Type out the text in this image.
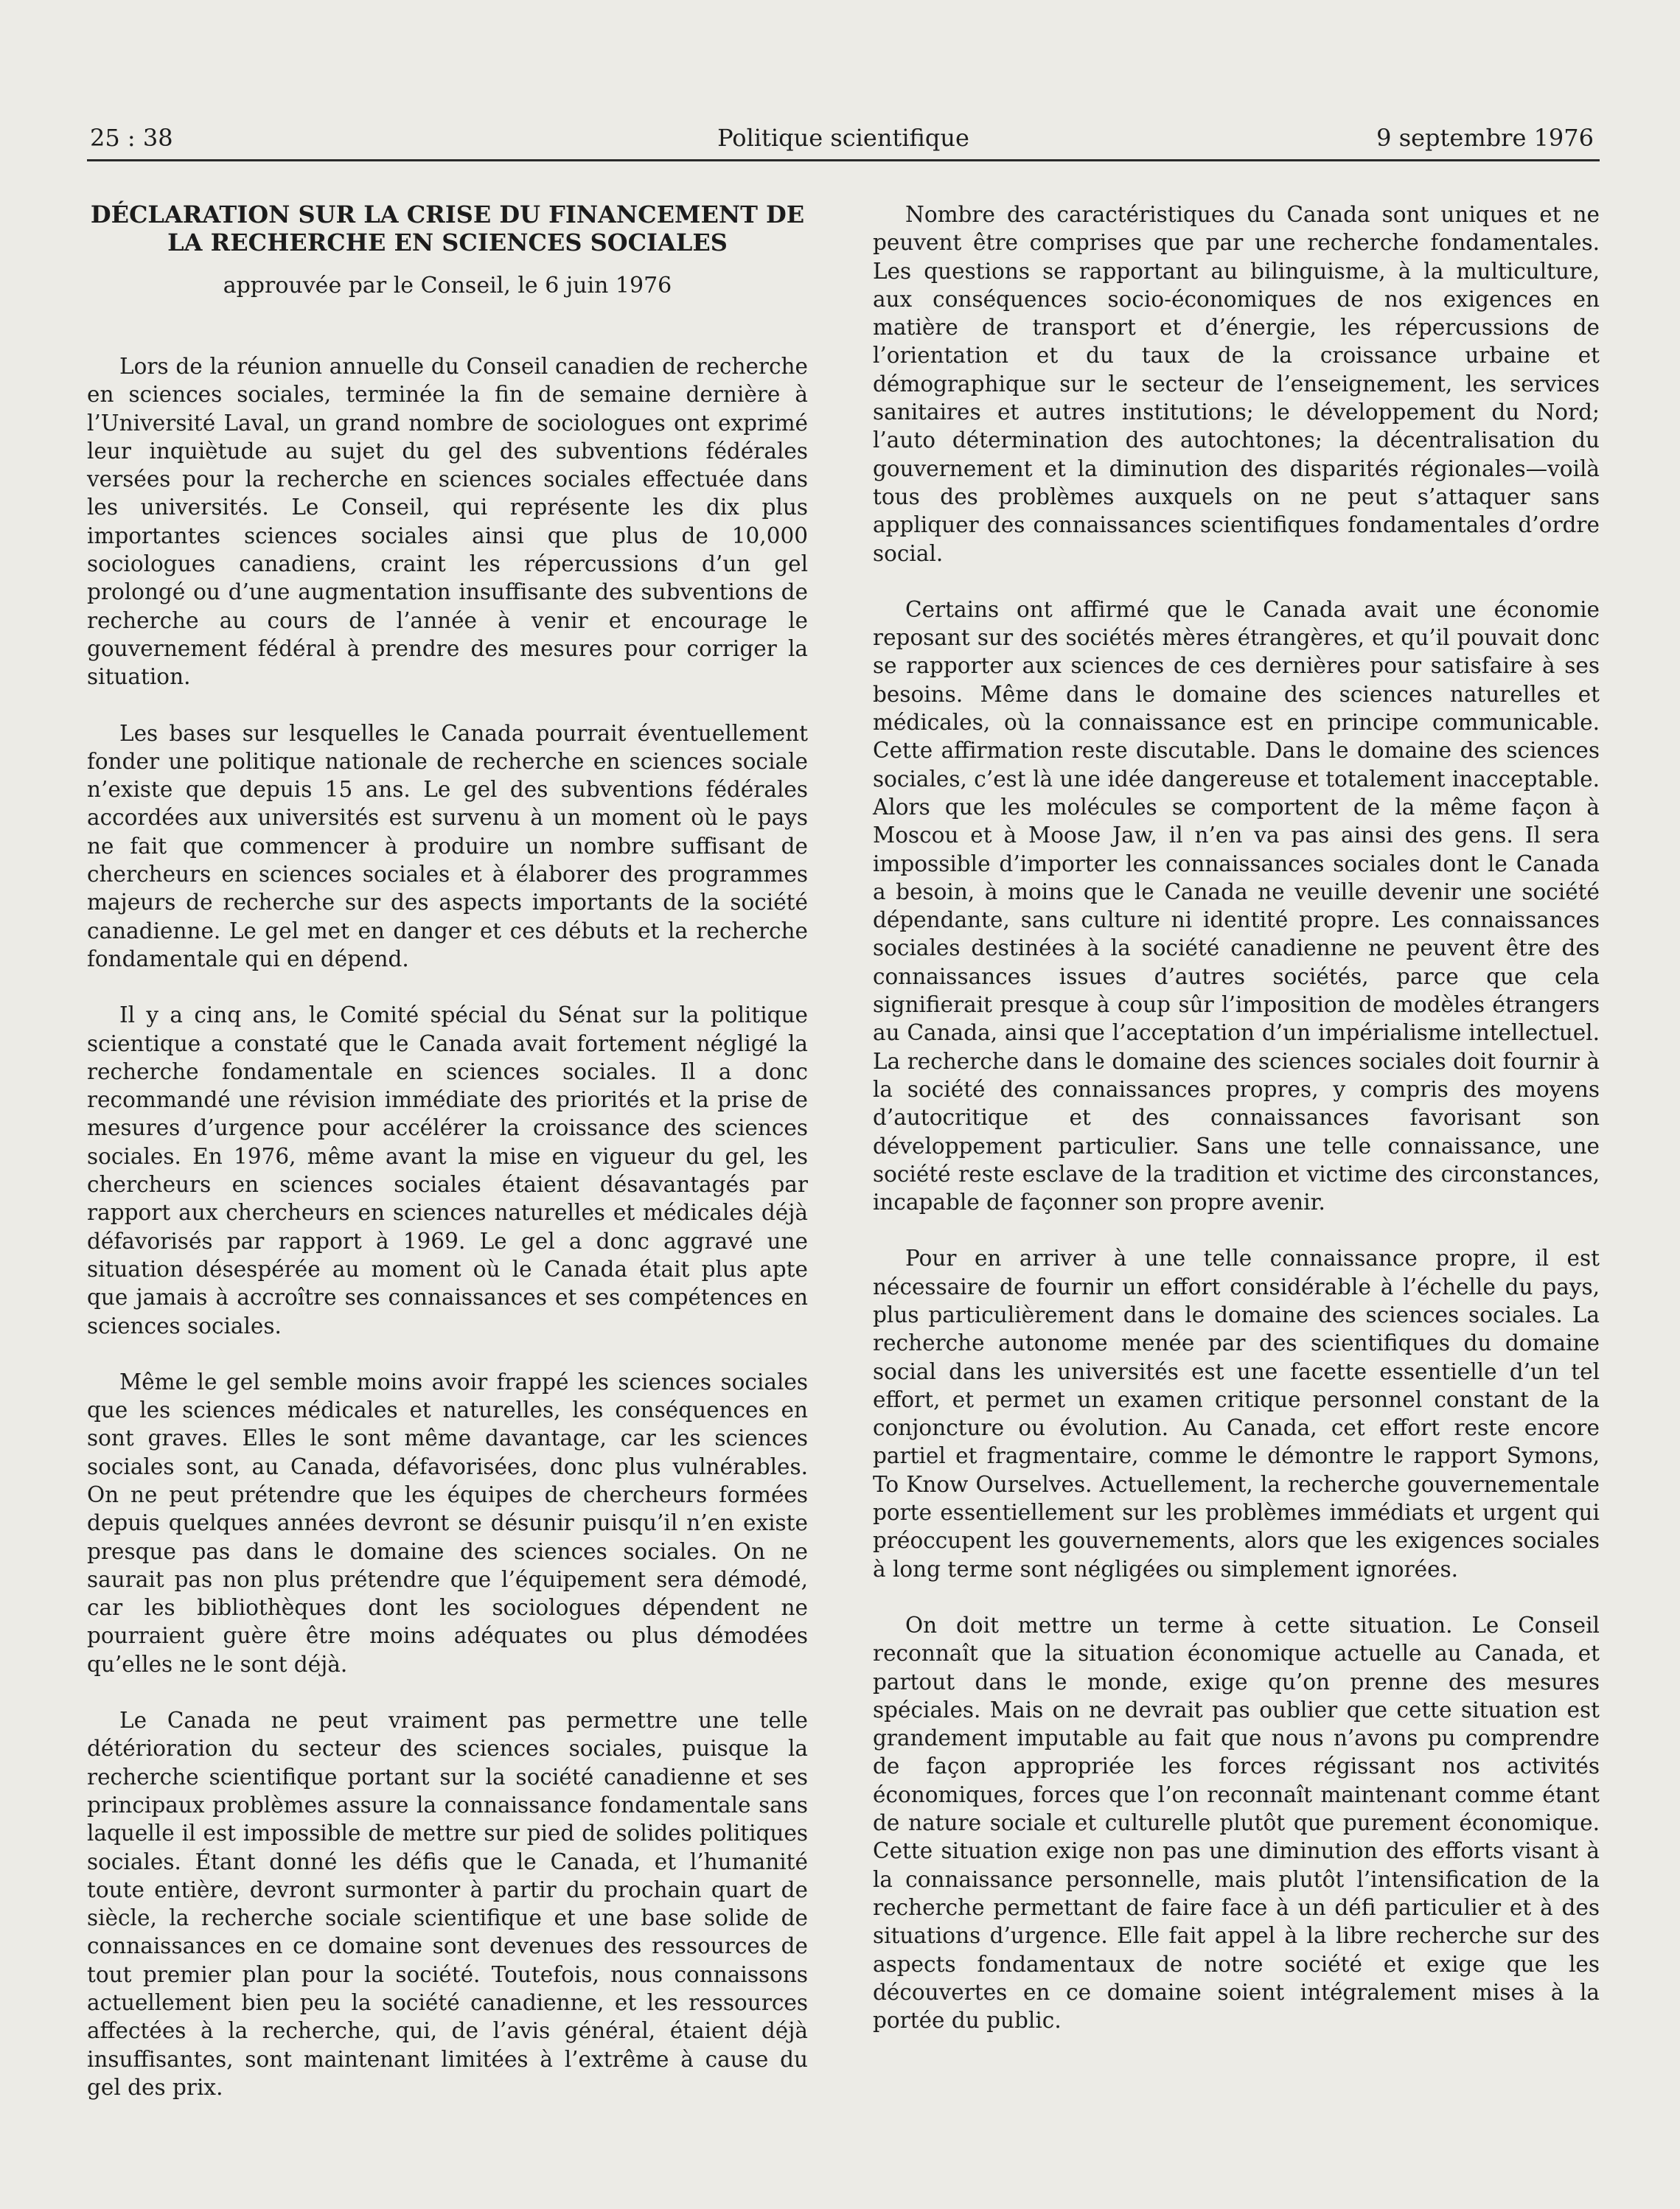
25 : 38	Politique scientifique	9 septembre 1976
DÉCLARATION SUR LA CRISE DU FINANCEMENT DE
LA RECHERCHE EN SCIENCES SOCIALES
approuvée par le Conseil, le 6 juin 1976

Lors de la réunion annuelle du Conseil canadien de recherche en sciences sociales, terminée la fin de semaine dernière à l’Université Laval, un grand nombre de sociologues ont exprimé leur inquiètude au sujet du gel des subventions fédérales versées pour la recherche en sciences sociales effectuée dans les universités. Le Conseil, qui représente les dix plus importantes sciences sociales ainsi que plus de 10,000 sociologues canadiens, craint les répercussions d’un gel prolongé ou d’une augmentation insuffisante des subventions de recherche au cours de l’année à venir et encourage le gouvernement fédéral à prendre des mesures pour corriger la situation.

Les bases sur lesquelles le Canada pourrait éventuellement fonder une politique nationale de recherche en sciences sociale n’existe que depuis 15 ans. Le gel des subventions fédérales accordées aux universités est survenu à un moment où le pays ne fait que commencer à produire un nombre suffisant de chercheurs en sciences sociales et à élaborer des programmes majeurs de recherche sur des aspects importants de la société canadienne. Le gel met en danger et ces débuts et la recherche fondamentale qui en dépend.

Il y a cinq ans, le Comité spécial du Sénat sur la politique scientique a constaté que le Canada avait fortement négligé la recherche fondamentale en sciences sociales. Il a donc recommandé une révision immédiate des priorités et la prise de mesures d’urgence pour accélérer la croissance des sciences sociales. En 1976, même avant la mise en vigueur du gel, les chercheurs en sciences sociales étaient désavantagés par rapport aux chercheurs en sciences naturelles et médicales déjà défavorisés par rapport à 1969. Le gel a donc aggravé une situation désespérée au moment où le Canada était plus apte que jamais à accroître ses connaissances et ses compétences en sciences sociales.

Même le gel semble moins avoir frappé les sciences sociales que les sciences médicales et naturelles, les conséquences en sont graves. Elles le sont même davantage, car les sciences sociales sont, au Canada, défavorisées, donc plus vulnérables. On ne peut prétendre que les équipes de chercheurs formées depuis quelques années devront se désunir puisqu’il n’en existe presque pas dans le domaine des sciences sociales. On ne saurait pas non plus prétendre que l’équipement sera démodé, car les bibliothèques dont les sociologues dépendent ne pourraient guère être moins adéquates ou plus démodées qu’elles ne le sont déjà.

Le Canada ne peut vraiment pas permettre une telle détérioration du secteur des sciences sociales, puisque la recherche scientifique portant sur la société canadienne et ses principaux problèmes assure la connaissance fondamentale sans laquelle il est impossible de mettre sur pied de solides politiques sociales. Étant donné les défis que le Canada, et l’humanité toute entière, devront surmonter à partir du prochain quart de siècle, la recherche sociale scientifique et une base solide de connaissances en ce domaine sont devenues des ressources de tout premier plan pour la société. Toutefois, nous connaissons actuellement bien peu la société canadienne, et les ressources affectées à la recherche, qui, de l’avis général, étaient déjà insuffisantes, sont maintenant limitées à l’extrême à cause du gel des prix.

Nombre des caractéristiques du Canada sont uniques et ne peuvent être comprises que par une recherche fondamentales. Les questions se rapportant au bilinguisme, à la multiculture, aux conséquences socio-économiques de nos exigences en matière de transport et d’énergie, les répercussions de l’orientation et du taux de la croissance urbaine et démographique sur le secteur de l’enseignement, les services sanitaires et autres institutions; le développement du Nord; l’auto détermination des autochtones; la décentralisation du gouvernement et la diminution des disparités régionales—voilà tous des problèmes auxquels on ne peut s’attaquer sans appliquer des connaissances scientifiques fondamentales d’ordre social.

Certains ont affirmé que le Canada avait une économie reposant sur des sociétés mères étrangères, et qu’il pouvait donc se rapporter aux sciences de ces dernières pour satisfaire à ses besoins. Même dans le domaine des sciences naturelles et médicales, où la connaissance est en principe communicable. Cette affirmation reste discutable. Dans le domaine des sciences sociales, c’est là une idée dangereuse et totalement inacceptable. Alors que les molécules se comportent de la même façon à Moscou et à Moose Jaw, il n’en va pas ainsi des gens. Il sera impossible d’importer les connaissances sociales dont le Canada a besoin, à moins que le Canada ne veuille devenir une société dépendante, sans culture ni identité propre. Les connaissances sociales destinées à la société canadienne ne peuvent être des connaissances issues d’autres sociétés, parce que cela signifierait presque à coup sûr l’imposition de modèles étrangers au Canada, ainsi que l’acceptation d’un impérialisme intellectuel. La recherche dans le domaine des sciences sociales doit fournir à la société des connaissances propres, y compris des moyens d’autocritique et des connaissances favorisant son développement particulier. Sans une telle connaissance, une société reste esclave de la tradition et victime des circonstances, incapable de façonner son propre avenir.

Pour en arriver à une telle connaissance propre, il est nécessaire de fournir un effort considérable à l’échelle du pays, plus particulièrement dans le domaine des sciences sociales. La recherche autonome menée par des scientifiques du domaine social dans les universités est une facette essentielle d’un tel effort, et permet un examen critique personnel constant de la conjoncture ou évolution. Au Canada, cet effort reste encore partiel et fragmentaire, comme le démontre le rapport Symons, To Know Ourselves. Actuellement, la recherche gouvernementale porte essentiellement sur les problèmes immédiats et urgent qui préoccupent les gouvernements, alors que les exigences sociales à long terme sont négligées ou simplement ignorées.

On doit mettre un terme à cette situation. Le Conseil reconnaît que la situation économique actuelle au Canada, et partout dans le monde, exige qu’on prenne des mesures spéciales. Mais on ne devrait pas oublier que cette situation est grandement imputable au fait que nous n’avons pu comprendre de façon appropriée les forces régissant nos activités économiques, forces que l’on reconnaît maintenant comme étant de nature sociale et culturelle plutôt que purement économique. Cette situation exige non pas une diminution des efforts visant à la connaissance personnelle, mais plutôt l’intensification de la recherche permettant de faire face à un défi particulier et à des situations d’urgence. Elle fait appel à la libre recherche sur des aspects fondamentaux de notre société et exige que les découvertes en ce domaine soient intégralement mises à la portée du public.
